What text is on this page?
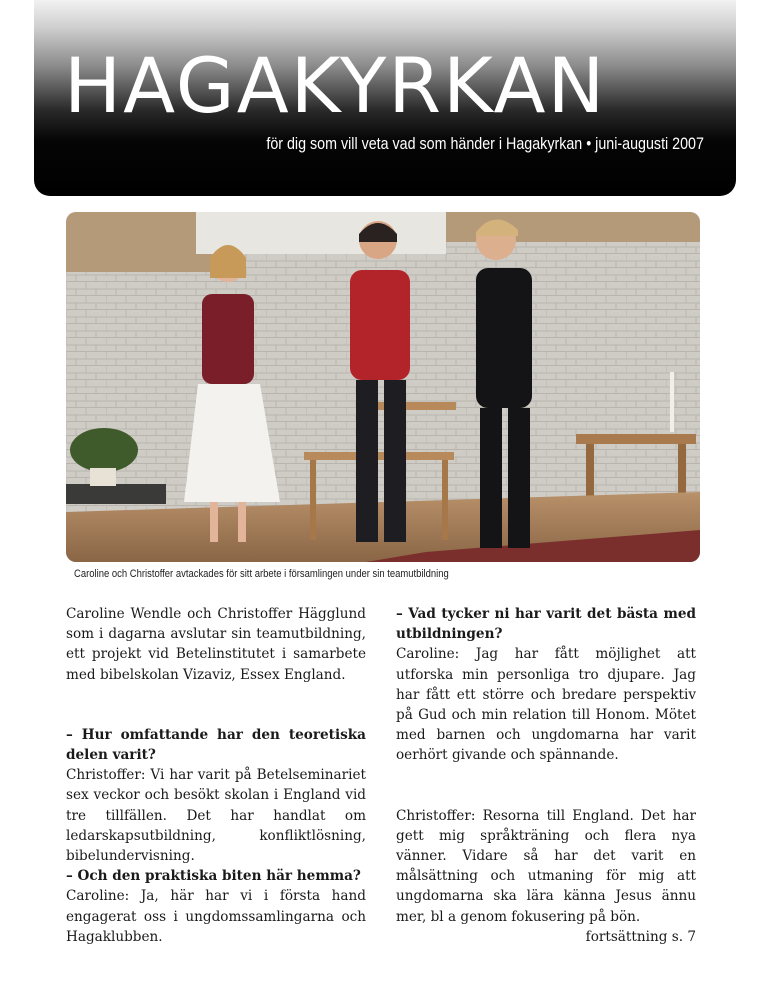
HAGAKYRKAN
för dig som vill veta vad som händer i Hagakyrkan • juni-augusti 2007
Caroline och Christoffer avtackades för sitt arbete i församlingen under sin teamutbildning

Caroline Wendle och Christoffer Hägglund som i dagarna avslutar sin teamutbildning, ett projekt vid Betelinstitutet i samarbete med bibelskolan Vizaviz, Essex England.

– Hur omfattande har den teoretiska delen varit?

Christoffer: Vi har varit på Betelseminariet sex veckor och besökt skolan i England vid tre tillfällen. Det har handlat om ledarskapsutbildning, konfliktlösning, bibelundervisning.

– Och den praktiska biten här hemma?

Caroline: Ja, här har vi i första hand engagerat oss i ungdomssamlingarna och Hagaklubben.

– Vad tycker ni har varit det bästa med utbildningen?

Caroline: Jag har fått möjlighet att utforska min personliga tro djupare. Jag har fått ett större och bredare perspektiv på Gud och min relation till Honom. Mötet med barnen och ungdomarna har varit oerhört givande och spännande.

Christoffer: Resorna till England. Det har gett mig språkträning och flera nya vänner. Vidare så har det varit en målsättning och utmaning för mig att ungdomarna ska lära känna Jesus ännu mer, bl a genom fokusering på bön.
fortsättning s. 7
